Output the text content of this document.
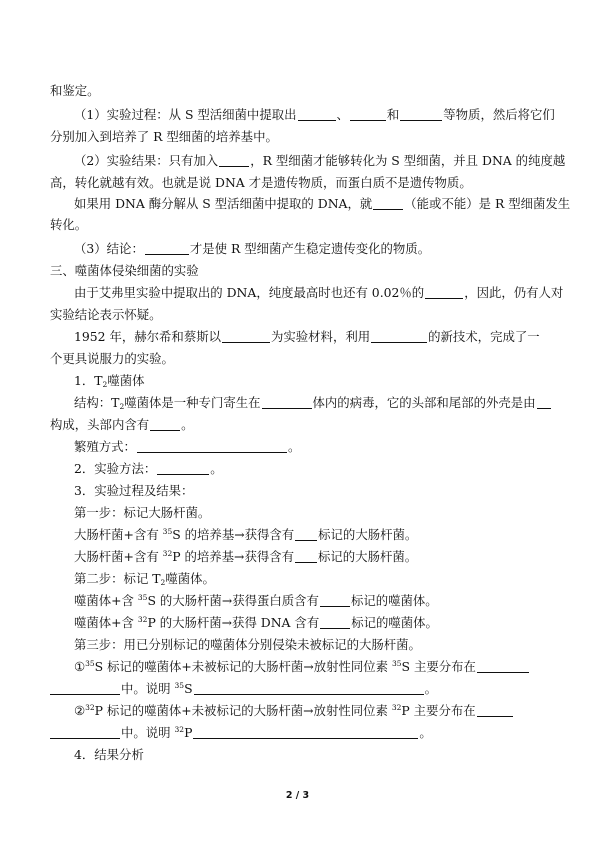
和鉴定。
（1）实验过程：从 S 型活细菌中提取出	、	和	等物质，然后将它们
分别加入到培养了 R 型细菌的培养基中。
（2）实验结果：只有加入	，R 型细菌才能够转化为 S 型细菌，并且 DNA 的纯度越
高，转化就越有效。也就是说 DNA 才是遗传物质，而蛋白质不是遗传物质。
如果用 DNA 酶分解从 S 型活细菌中提取的 DNA，就	（能或不能）是 R 型细菌发生
转化。
（3）结论：	才是使 R 型细菌产生稳定遗传变化的物质。
三、噬菌体侵染细菌的实验
由于艾弗里实验中提取出的 DNA，纯度最高时也还有 0.02％的	，因此，仍有人对
实验结论表示怀疑。
1952 年，赫尔希和蔡斯以	为实验材料，利用	的新技术，完成了一
个更具说服力的实验。
1．$T_2$噬菌体
结构：$T_2$噬菌体是一种专门寄生在	体内的病毒，它的头部和尾部的外壳是由
构成，头部内含有	。
繁殖方式：	。
2．实验方法：	。
3．实验过程及结果：
第一步：标记大肠杆菌。
大肠杆菌+含有 $^{35}$S 的培养基→获得含有 标记的大肠杆菌。
大肠杆菌+含有 $^{32}$P 的培养基→获得含有 标记的大肠杆菌。
第二步：标记 $T_2$噬菌体。
噬菌体+含 $^{35}$S 的大肠杆菌→获得蛋白质含有	标记的噬菌体。
噬菌体+含 $^{32}$P 的大肠杆菌→获得 DNA 含有	标记的噬菌体。
第三步：用已分别标记的噬菌体分别侵染未被标记的大肠杆菌。
①$^{35}$S 标记的噬菌体+未被标记的大肠杆菌→放射性同位素 $^{35}$S 主要分布在
中。说明 $^{35}$S	。
②$^{32}$P 标记的噬菌体+未被标记的大肠杆菌→放射性同位素 $^{32}$P 主要分布在
中。说明 $^{32}$P	。
4．结果分析
2 / 3
